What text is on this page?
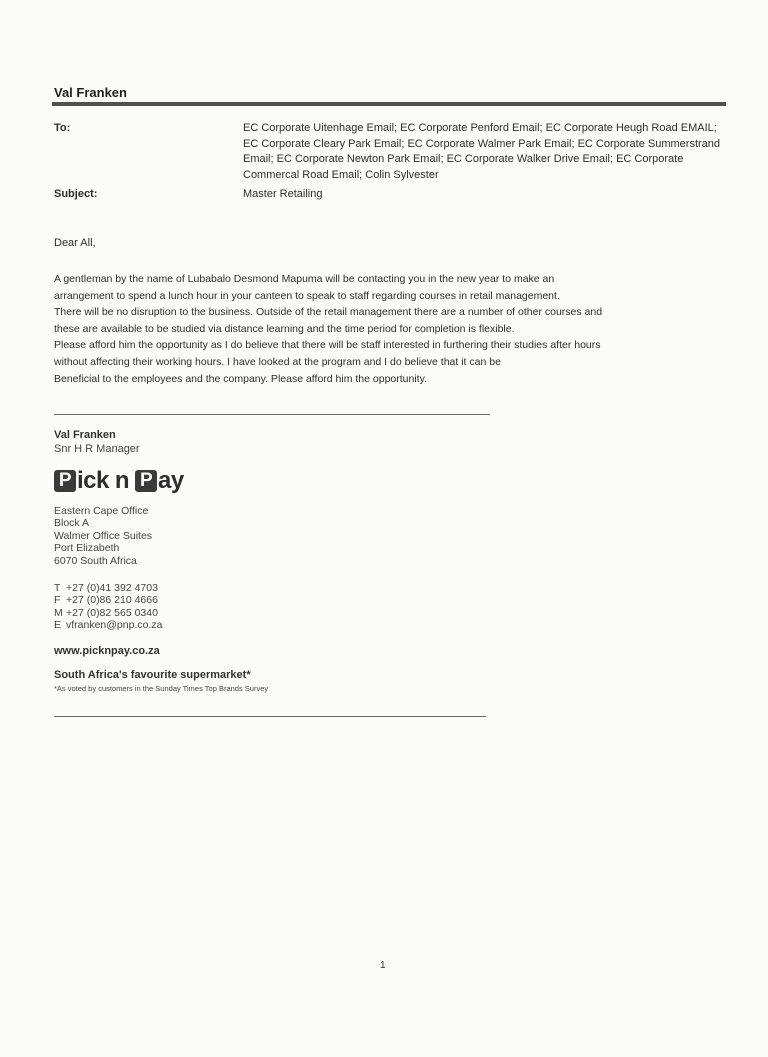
Val Franken
To:	EC Corporate Uitenhage Email; EC Corporate Penford Email; EC Corporate Heugh Road EMAIL; EC Corporate Cleary Park Email; EC Corporate Walmer Park Email; EC Corporate Summerstrand Email; EC Corporate Newton Park Email; EC Corporate Walker Drive Email; EC Corporate Commercal Road Email; Colin Sylvester
Subject:	Master Retailing
Dear All,
A gentleman by the name of Lubabalo Desmond Mapuma will be contacting you in the new year to make an
arrangement to spend a lunch hour in your canteen to speak to staff regarding courses in retail management.
There will be no disruption to the business. Outside of the retail management there are a number of other courses and
these are available to be studied via distance learning and the time period for completion is flexible.
Please afford him the opportunity as I do believe that there will be staff interested in furthering their studies after hours
without affecting their working hours. I have looked at the program and I do believe that it can be
Beneficial to the employees and the company. Please afford him the opportunity.
Val Franken
Snr H R Manager
P ick n P ay
Eastern Cape Office
Block A
Walmer Office Suites
Port Elizabeth
6070 South Africa
T +27 (0)41 392 4703
F +27 (0)86 210 4666
M +27 (0)82 565 0340
E vfranken@pnp.co.za
www.picknpay.co.za
South Africa's favourite supermarket*
*As voted by customers in the Sunday Times Top Brands Survey
1
